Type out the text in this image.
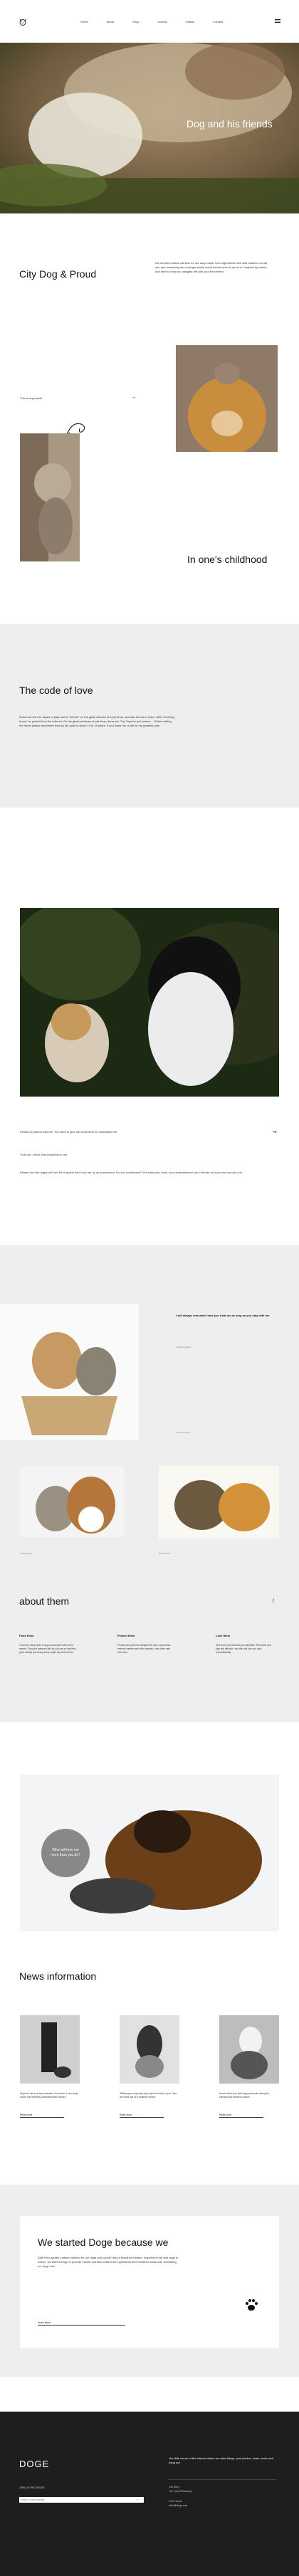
Home	About	Shop	Journal	Gallery	Contact
Dog and his friends
City Dog & Proud
We needed holistic nutrition for our dogs made from ingredients their wild relatives would eat, and something we could genuinely stand behind and be proud of. Inspired by nature, and here to help you navigate life with your best friend.
This is impossible	→
In one's childhood
The code of love
Someone went to Japan to play, saw a "torihoh" on the glass window of a pet shop, and was forced to leave. After returning home, he posted it on the Internet. On the glass windows of pet shop, there are "Toy Toys for pet owners ... Before taking me home please remember that my life span is about 10 to 15 years. If you leave me, it will be my greatest pain.
Please be patient with me. You need to give me some time to understand me.	➞
Trust me - that's very important to me.
Please don't be angry with me for long and don't lock me up as punishment. Do you understand? You have your work, your entertainment, your friends, and you are my only one.
I will always remember how you treat me as long as you stay with me.
Always together
Friends forever
A happy day	Best friends
about them	/
Food them
There are many kinds of dog food and pet food on the market. Choose a balanced diet for your pet so that they grow healthy and strong every single day of their lives.
Protect them
Protect your pets from dangers like cars, toxic plants, extreme weather and other animals. Keep them safe and loved.
Love them
Give them your time and your attention. Pets need love, play and affection, and they will love you back unconditionally.
Who will love me more than you do?
News information
Dogs are the most loyal animals in the world. A new study shows how well they understand their owners.
Read more
Walking your dog every day is good for both of you. Here are some tips for a healthier routine.
Read more
How to keep your pets happy and calm during the holidays and fireworks season.
Read more
We started Doge because we
Didn't find quality, natural nutrition for our dogs and couldn't find a brand we trusted. Inspired by the wild dogs in nature, we started Doge to provide holistic nutrition made from ingredients their relatives would eat, something our dogs love.
Know More
DOGE
JOIN US THE DOGGE
Enter e-mail address
›
Our little corner of the internet where we write things, post photos, share music and hang out
Our Story
Our Food Philosophy
Get in touch
hello@doge.com
